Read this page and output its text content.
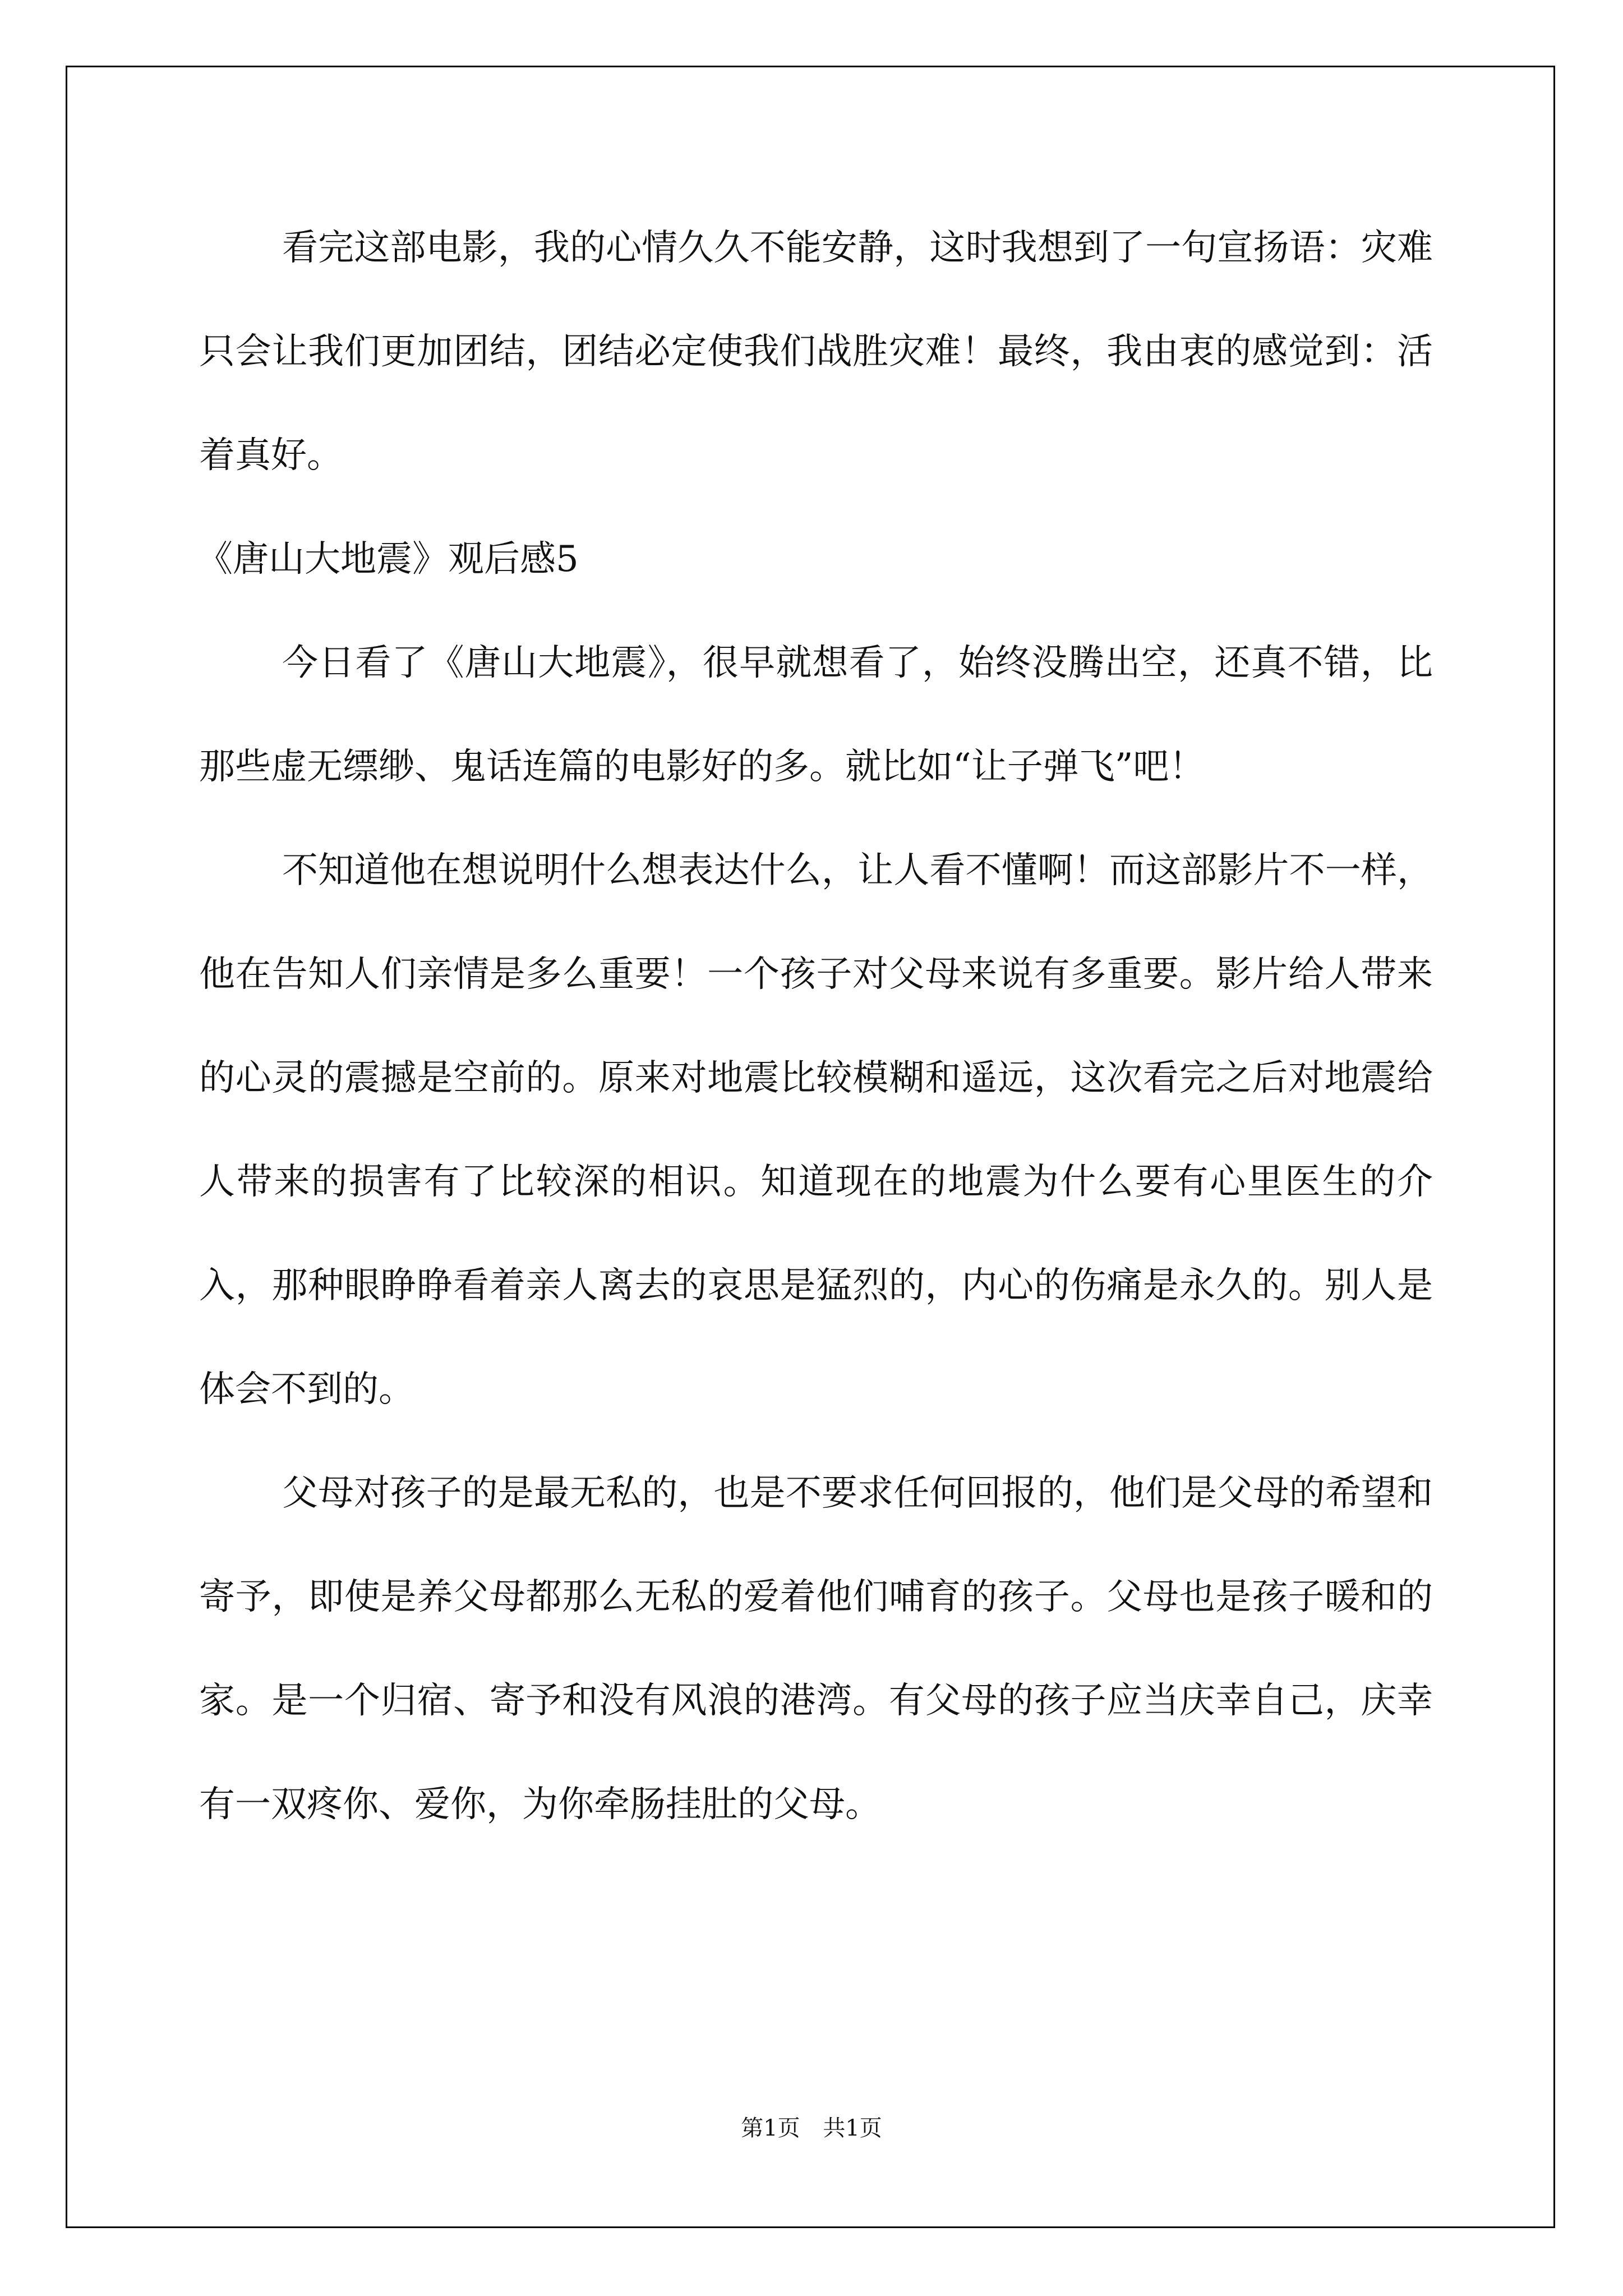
看完这部电影，我的心情久久不能安静，这时我想到了一句宣扬语：灾难只会让我们更加团结，团结必定使我们战胜灾难！最终，我由衷的感觉到：活着真好。

《唐山大地震》观后感5

今日看了《唐山大地震》，很早就想看了，始终没腾出空，还真不错，比那些虚无缥缈、鬼话连篇的电影好的多。就比如“让子弹飞”吧！

不知道他在想说明什么想表达什么，让人看不懂啊！而这部影片不一样，他在告知人们亲情是多么重要！一个孩子对父母来说有多重要。影片给人带来的心灵的震撼是空前的。原来对地震比较模糊和遥远，这次看完之后对地震给人带来的损害有了比较深的相识。知道现在的地震为什么要有心里医生的介入，那种眼睁睁看着亲人离去的哀思是猛烈的，内心的伤痛是永久的。别人是体会不到的。

父母对孩子的是最无私的，也是不要求任何回报的，他们是父母的希望和寄予，即使是养父母都那么无私的爱着他们哺育的孩子。父母也是孩子暖和的家。是一个归宿、寄予和没有风浪的港湾。有父母的孩子应当庆幸自己，庆幸有一双疼你、爱你，为你牵肠挂肚的父母。

第1页 共1页
